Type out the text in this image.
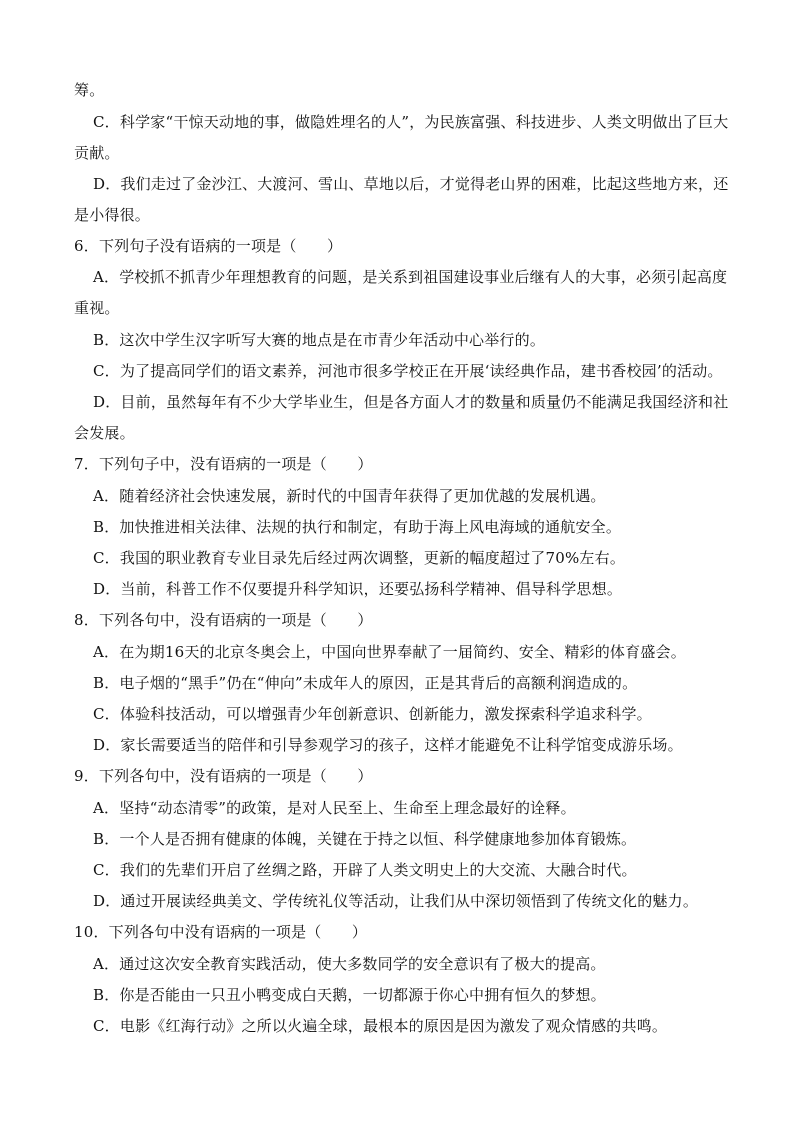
筹。
C．科学家“干惊天动地的事，做隐姓埋名的人”，为民族富强、科技进步、人类文明做出了巨大
贡献。
D．我们走过了金沙江、大渡河、雪山、草地以后，才觉得老山界的困难，比起这些地方来，还
是小得很。
6．下列句子没有语病的一项是（　　）
A．学校抓不抓青少年理想教育的问题，是关系到祖国建设事业后继有人的大事，必须引起高度
重视。
B．这次中学生汉字听写大赛的地点是在市青少年活动中心举行的。
C．为了提高同学们的语文素养，河池市很多学校正在开展‘读经典作品，建书香校园’的活动。
D．目前，虽然每年有不少大学毕业生，但是各方面人才的数量和质量仍不能满足我国经济和社
会发展。
7．下列句子中，没有语病的一项是（　　）
A．随着经济社会快速发展，新时代的中国青年获得了更加优越的发展机遇。
B．加快推进相关法律、法规的执行和制定，有助于海上风电海域的通航安全。
C．我国的职业教育专业目录先后经过两次调整，更新的幅度超过了70%左右。
D．当前，科普工作不仅要提升科学知识，还要弘扬科学精神、倡导科学思想。
8．下列各句中，没有语病的一项是（　　）
A．在为期16天的北京冬奥会上，中国向世界奉献了一届简约、安全、精彩的体育盛会。
B．电子烟的“黑手”仍在“伸向”未成年人的原因，正是其背后的高额利润造成的。
C．体验科技活动，可以增强青少年创新意识、创新能力，激发探索科学追求科学。
D．家长需要适当的陪伴和引导参观学习的孩子，这样才能避免不让科学馆变成游乐场。
9．下列各句中，没有语病的一项是（　　）
A．坚持“动态清零”的政策，是对人民至上、生命至上理念最好的诠释。
B．一个人是否拥有健康的体魄，关键在于持之以恒、科学健康地参加体育锻炼。
C．我们的先辈们开启了丝绸之路，开辟了人类文明史上的大交流、大融合时代。
D．通过开展读经典美文、学传统礼仪等活动，让我们从中深切领悟到了传统文化的魅力。
10．下列各句中没有语病的一项是（　　）
A．通过这次安全教育实践活动，使大多数同学的安全意识有了极大的提高。
B．你是否能由一只丑小鸭变成白天鹅，一切都源于你心中拥有恒久的梦想。
C．电影《红海行动》之所以火遍全球，最根本的原因是因为激发了观众情感的共鸣。
